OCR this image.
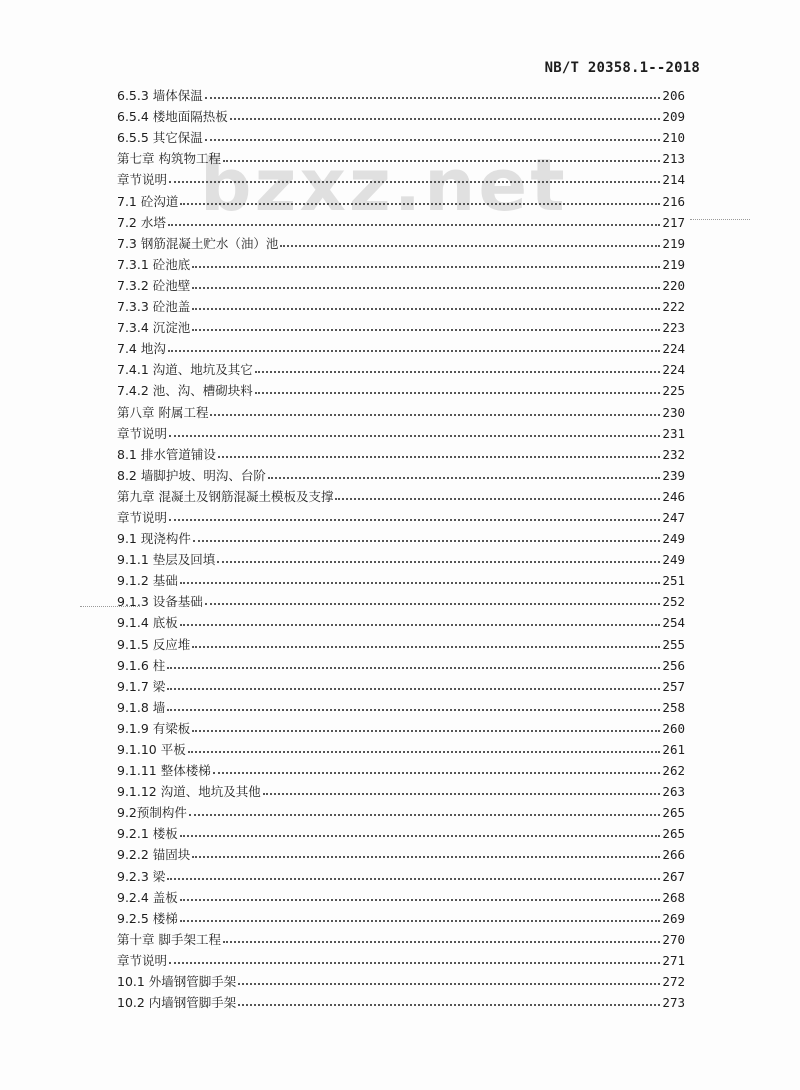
NB/T 20358.1--2018
bzxz.net
6.5.3 墙体保温	206
6.5.4 楼地面隔热板	209
6.5.5 其它保温	210
第七章 构筑物工程	213
章节说明	214
7.1 砼沟道	216
7.2 水塔	217
7.3 钢筋混凝土贮水（油）池	219
7.3.1 砼池底	219
7.3.2 砼池壁	220
7.3.3 砼池盖	222
7.3.4 沉淀池	223
7.4 地沟	224
7.4.1 沟道、地坑及其它	224
7.4.2 池、沟、槽砌块料	225
第八章 附属工程	230
章节说明	231
8.1 排水管道铺设	232
8.2 墙脚护坡、明沟、台阶	239
第九章 混凝土及钢筋混凝土模板及支撑	246
章节说明	247
9.1 现浇构件	249
9.1.1 垫层及回填	249
9.1.2 基础	251
9.1.3 设备基础	252
9.1.4 底板	254
9.1.5 反应堆	255
9.1.6 柱	256
9.1.7 梁	257
9.1.8 墙	258
9.1.9 有梁板	260
9.1.10 平板	261
9.1.11 整体楼梯	262
9.1.12 沟道、地坑及其他	263
9.2预制构件	265
9.2.1 楼板	265
9.2.2 锚固块	266
9.2.3 梁	267
9.2.4 盖板	268
9.2.5 楼梯	269
第十章 脚手架工程	270
章节说明	271
10.1 外墙钢管脚手架	272
10.2 内墙钢管脚手架	273
